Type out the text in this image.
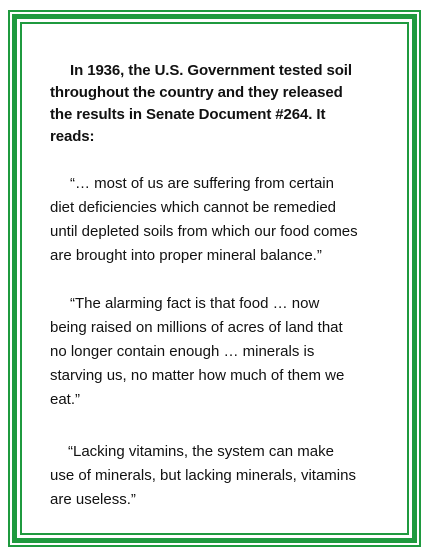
In 1936, the U.S. Government tested soil throughout the country and they released the results in Senate Document #264. It reads:

“… most of us are suffering from certain diet deficiencies which cannot be remedied until depleted soils from which our food comes are brought into proper mineral balance.”

“The alarming fact is that food … now being raised on millions of acres of land that no longer contain enough … minerals is starving us, no matter how much of them we eat.”

“Lacking vitamins, the system can make use of minerals, but lacking minerals, vitamins are useless.”
